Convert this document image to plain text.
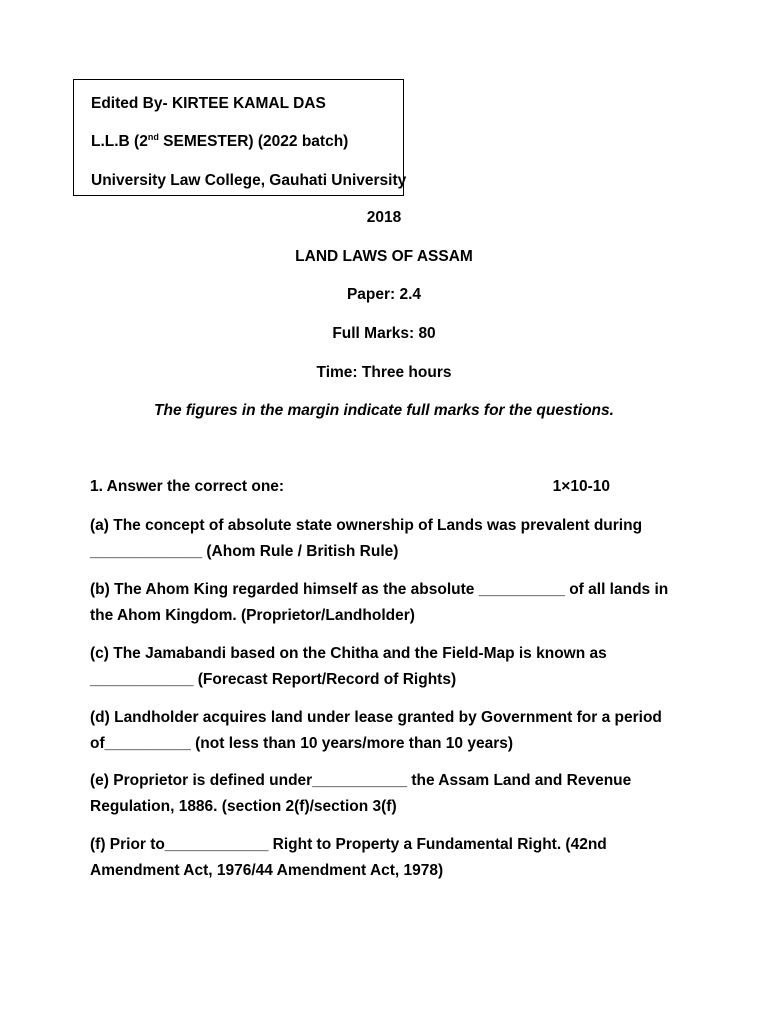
Edited By- KIRTEE KAMAL DAS
L.L.B (2nd SEMESTER) (2022 batch)
University Law College, Gauhati University
2018
LAND LAWS OF ASSAM
Paper: 2.4
Full Marks: 80
Time: Three hours
The figures in the margin indicate full marks for the questions.
1. Answer the correct one:	1×10-10
(a) The concept of absolute state ownership of Lands was prevalent during _____________ (Ahom Rule / British Rule)
(b) The Ahom King regarded himself as the absolute __________ of all lands in the Ahom Kingdom. (Proprietor/Landholder)
(c) The Jamabandi based on the Chitha and the Field-Map is known as ____________ (Forecast Report/Record of Rights)
(d) Landholder acquires land under lease granted by Government for a period of__________ (not less than 10 years/more than 10 years)
(e) Proprietor is defined under___________ the Assam Land and Revenue Regulation, 1886. (section 2(f)/section 3(f)
(f) Prior to____________ Right to Property a Fundamental Right. (42nd Amendment Act, 1976/44 Amendment Act, 1978)
